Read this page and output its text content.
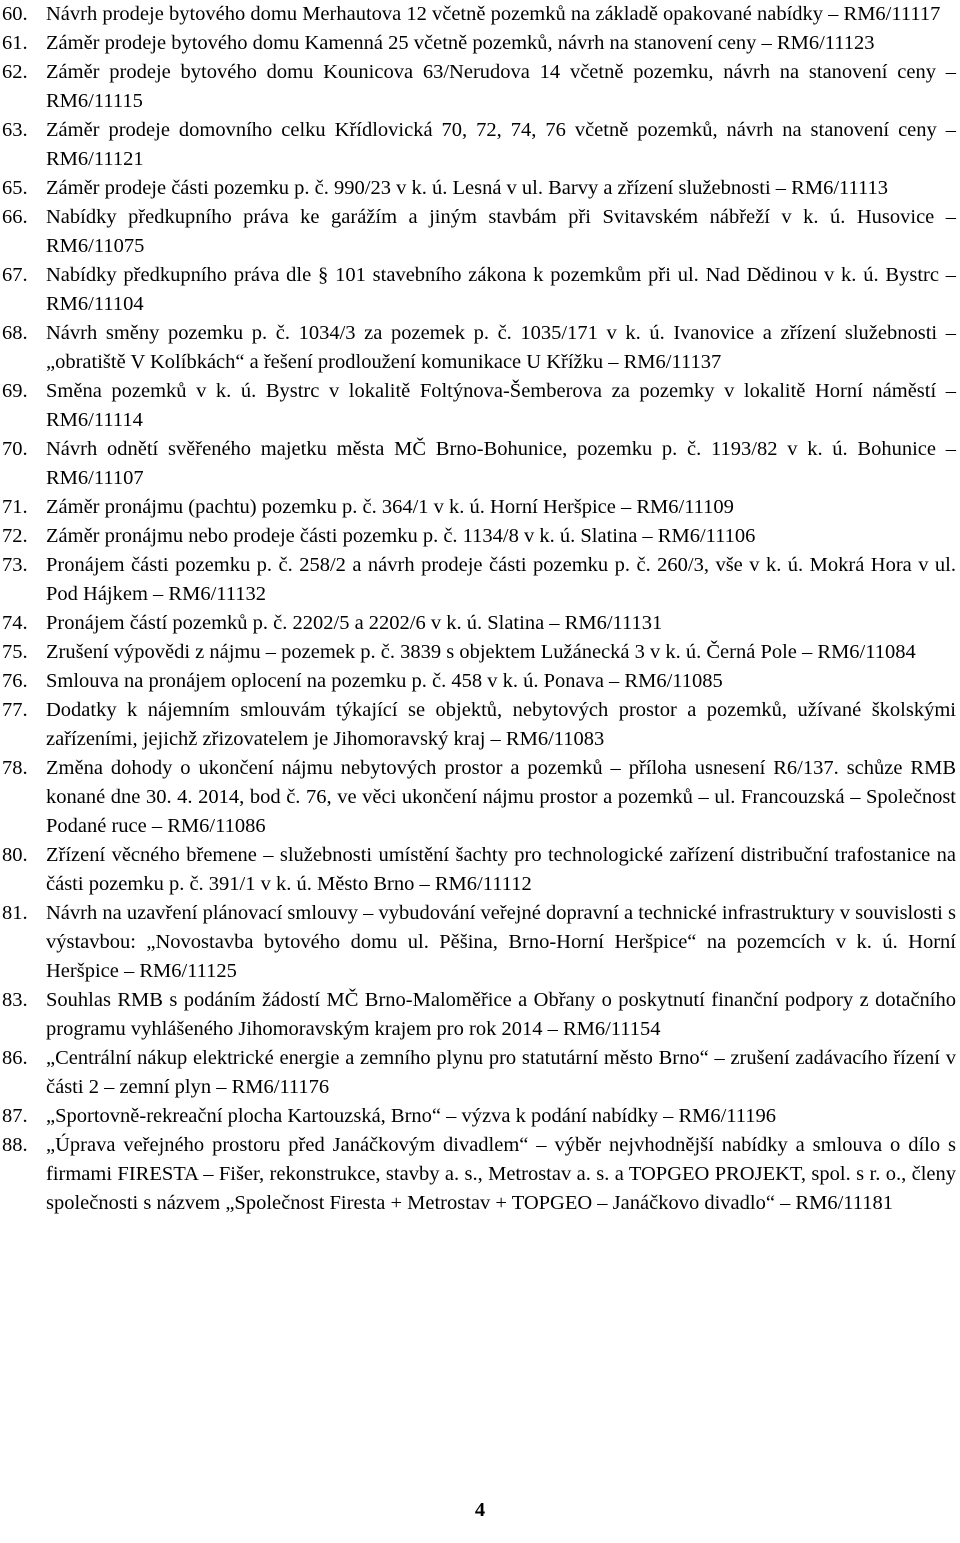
60. Návrh prodeje bytového domu Merhautova 12 včetně pozemků na základě opakované nabídky – RM6/11117
61. Záměr prodeje bytového domu Kamenná 25 včetně pozemků, návrh na stanovení ceny – RM6/11123
62. Záměr prodeje bytového domu Kounicova 63/Nerudova 14 včetně pozemku, návrh na stanovení ceny – RM6/11115
63. Záměr prodeje domovního celku Křídlovická 70, 72, 74, 76 včetně pozemků, návrh na stanovení ceny – RM6/11121
65. Záměr prodeje části pozemku p. č. 990/23 v k. ú. Lesná v ul. Barvy a zřízení služebnosti – RM6/11113
66. Nabídky předkupního práva ke garážím a jiným stavbám při Svitavském nábřeží v k. ú. Husovice – RM6/11075
67. Nabídky předkupního práva dle § 101 stavebního zákona k pozemkům při ul. Nad Dědinou v k. ú. Bystrc – RM6/11104
68. Návrh směny pozemku p. č. 1034/3 za pozemek p. č. 1035/171 v k. ú. Ivanovice a zřízení služebnosti – „obratiště V Kolíbkách“ a řešení prodloužení komunikace U Křížku – RM6/11137
69. Směna pozemků v k. ú. Bystrc v lokalitě Foltýnova-Šemberova za pozemky v lokalitě Horní náměstí – RM6/11114
70. Návrh odnětí svěřeného majetku města MČ Brno-Bohunice, pozemku p. č. 1193/82 v k. ú. Bohunice – RM6/11107
71. Záměr pronájmu (pachtu) pozemku p. č. 364/1 v k. ú. Horní Heršpice – RM6/11109
72. Záměr pronájmu nebo prodeje části pozemku p. č. 1134/8 v k. ú. Slatina – RM6/11106
73. Pronájem části pozemku p. č. 258/2 a návrh prodeje části pozemku p. č. 260/3, vše v k. ú. Mokrá Hora v ul. Pod Hájkem – RM6/11132
74. Pronájem částí pozemků p. č. 2202/5 a 2202/6 v k. ú. Slatina – RM6/11131
75. Zrušení výpovědi z nájmu – pozemek p. č. 3839 s objektem Lužánecká 3 v k. ú. Černá Pole – RM6/11084
76. Smlouva na pronájem oplocení na pozemku p. č. 458 v k. ú. Ponava – RM6/11085
77. Dodatky k nájemním smlouvám týkající se objektů, nebytových prostor a pozemků, užívané školskými zařízeními, jejichž zřizovatelem je Jihomoravský kraj – RM6/11083
78. Změna dohody o ukončení nájmu nebytových prostor a pozemků – příloha usnesení R6/137. schůze RMB konané dne 30. 4. 2014, bod č. 76, ve věci ukončení nájmu prostor a pozemků – ul. Francouzská – Společnost Podané ruce – RM6/11086
80. Zřízení věcného břemene – služebnosti umístění šachty pro technologické zařízení distribuční trafostanice na části pozemku p. č. 391/1 v k. ú. Město Brno – RM6/11112
81. Návrh na uzavření plánovací smlouvy – vybudování veřejné dopravní a technické infrastruktury v souvislosti s výstavbou: „Novostavba bytového domu ul. Pěšina, Brno-Horní Heršpice“ na pozemcích v k. ú. Horní Heršpice – RM6/11125
83. Souhlas RMB s podáním žádostí MČ Brno-Maloměřice a Obřany o poskytnutí finanční podpory z dotačního programu vyhlášeného Jihomoravským krajem pro rok 2014 – RM6/11154
86. „Centrální nákup elektrické energie a zemního plynu pro statutární město Brno“ – zrušení zadávacího řízení v části 2 – zemní plyn – RM6/11176
87. „Sportovně-rekreační plocha Kartouzská, Brno“ – výzva k podání nabídky – RM6/11196
88. „Úprava veřejného prostoru před Janáčkovým divadlem“ – výběr nejvhodnější nabídky a smlouva o dílo s firmami FIRESTA – Fišer, rekonstrukce, stavby a. s., Metrostav a. s. a TOPGEO PROJEKT, spol. s r. o., členy společnosti s názvem „Společnost Firesta + Metrostav + TOPGEO – Janáčkovo divadlo“ – RM6/11181
4
